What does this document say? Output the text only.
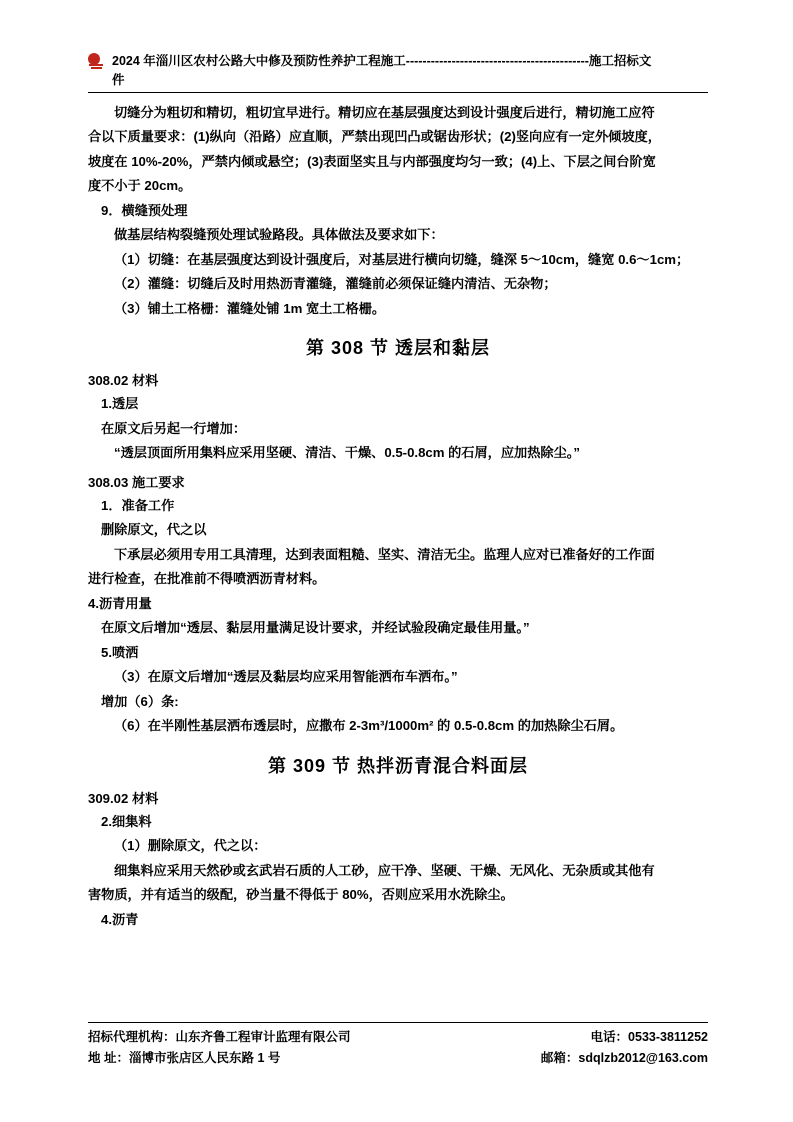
2024 年淄川区农村公路大中修及预防性养护工程施工--------------------------------------------施工招标文
件

切缝分为粗切和精切，粗切宜早进行。精切应在基层强度达到设计强度后进行，精切施工应符

合以下质量要求：(1)纵向（沿路）应直顺，严禁出现凹凸或锯齿形状；(2)竖向应有一定外倾坡度，

坡度在 10%-20%，严禁内倾或悬空；(3)表面坚实且与内部强度均匀一致；(4)上、下层之间台阶宽

度不小于 20cm。

9．横缝预处理

做基层结构裂缝预处理试验路段。具体做法及要求如下：

（1）切缝：在基层强度达到设计强度后，对基层进行横向切缝，缝深 5～10cm，缝宽 0.6～1cm；

（2）灌缝：切缝后及时用热沥青灌缝，灌缝前必须保证缝内清洁、无杂物；

（3）铺土工格栅：灌缝处铺 1m 宽土工格栅。

第 308 节 透层和黏层
308.02 材料

1.透层

在原文后另起一行增加：

“透层顶面所用集料应采用坚硬、清洁、干燥、0.5-0.8cm 的石屑，应加热除尘。”

308.03 施工要求

1．准备工作

删除原文，代之以

下承层必须用专用工具清理，达到表面粗糙、坚实、清洁无尘。监理人应对已准备好的工作面

进行检查，在批准前不得喷洒沥青材料。

4.沥青用量

在原文后增加“透层、黏层用量满足设计要求，并经试验段确定最佳用量。”

5.喷洒

（3）在原文后增加“透层及黏层均应采用智能洒布车洒布。”

增加（6）条:

（6）在半刚性基层洒布透层时，应撒布 2-3m³/1000m² 的 0.5-0.8cm 的加热除尘石屑。

第 309 节 热拌沥青混合料面层
309.02 材料

2.细集料

（1）删除原文，代之以：

细集料应采用天然砂或玄武岩石质的人工砂，应干净、坚硬、干燥、无风化、无杂质或其他有

害物质，并有适当的级配，砂当量不得低于 80%，否则应采用水洗除尘。

4.沥青

招标代理机构：山东齐鲁工程审计监理有限公司	电话：0533-3811252
地 址：淄博市张店区人民东路 1 号	邮箱：sdqlzb2012@163.com
